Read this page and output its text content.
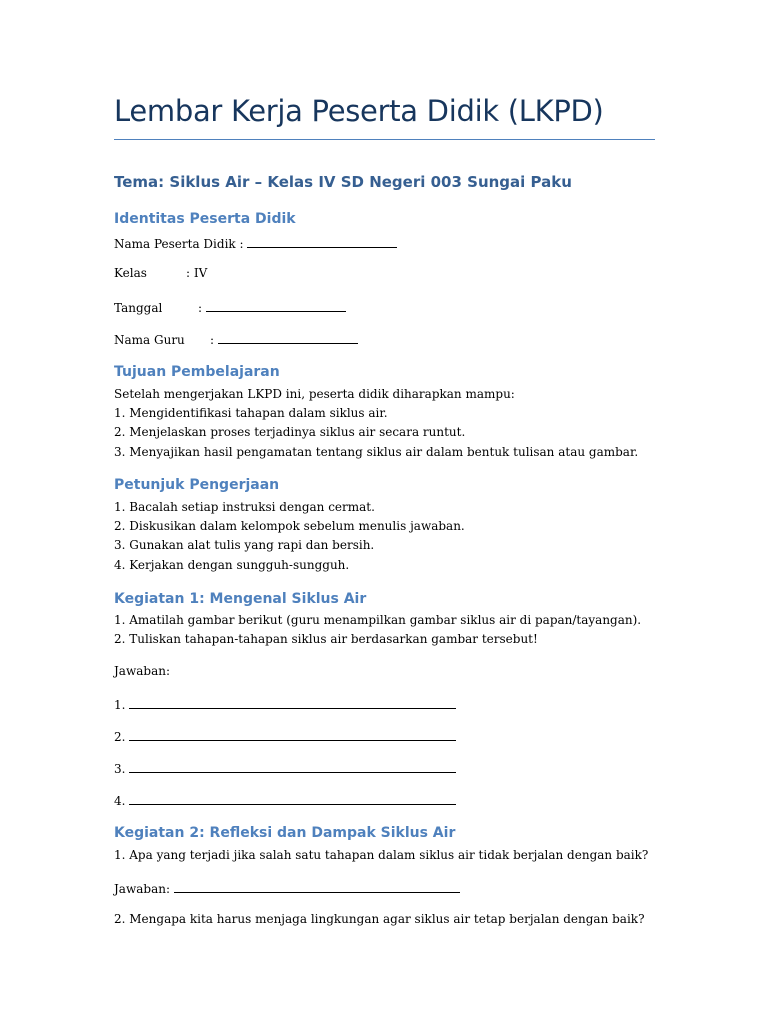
Lembar Kerja Peserta Didik (LKPD)
Tema: Siklus Air – Kelas IV SD Negeri 003 Sungai Paku
Identitas Peserta Didik
Nama Peserta Didik :
Kelas	: IV
Tanggal	:
Nama Guru :
Tujuan Pembelajaran
Setelah mengerjakan LKPD ini, peserta didik diharapkan mampu:
1. Mengidentifikasi tahapan dalam siklus air.
2. Menjelaskan proses terjadinya siklus air secara runtut.
3. Menyajikan hasil pengamatan tentang siklus air dalam bentuk tulisan atau gambar.
Petunjuk Pengerjaan
1. Bacalah setiap instruksi dengan cermat.
2. Diskusikan dalam kelompok sebelum menulis jawaban.
3. Gunakan alat tulis yang rapi dan bersih.
4. Kerjakan dengan sungguh-sungguh.
Kegiatan 1: Mengenal Siklus Air
1. Amatilah gambar berikut (guru menampilkan gambar siklus air di papan/tayangan).
2. Tuliskan tahapan-tahapan siklus air berdasarkan gambar tersebut!
Jawaban:
1.
2.
3.
4.
Kegiatan 2: Refleksi dan Dampak Siklus Air
1. Apa yang terjadi jika salah satu tahapan dalam siklus air tidak berjalan dengan baik?
Jawaban:
2. Mengapa kita harus menjaga lingkungan agar siklus air tetap berjalan dengan baik?
